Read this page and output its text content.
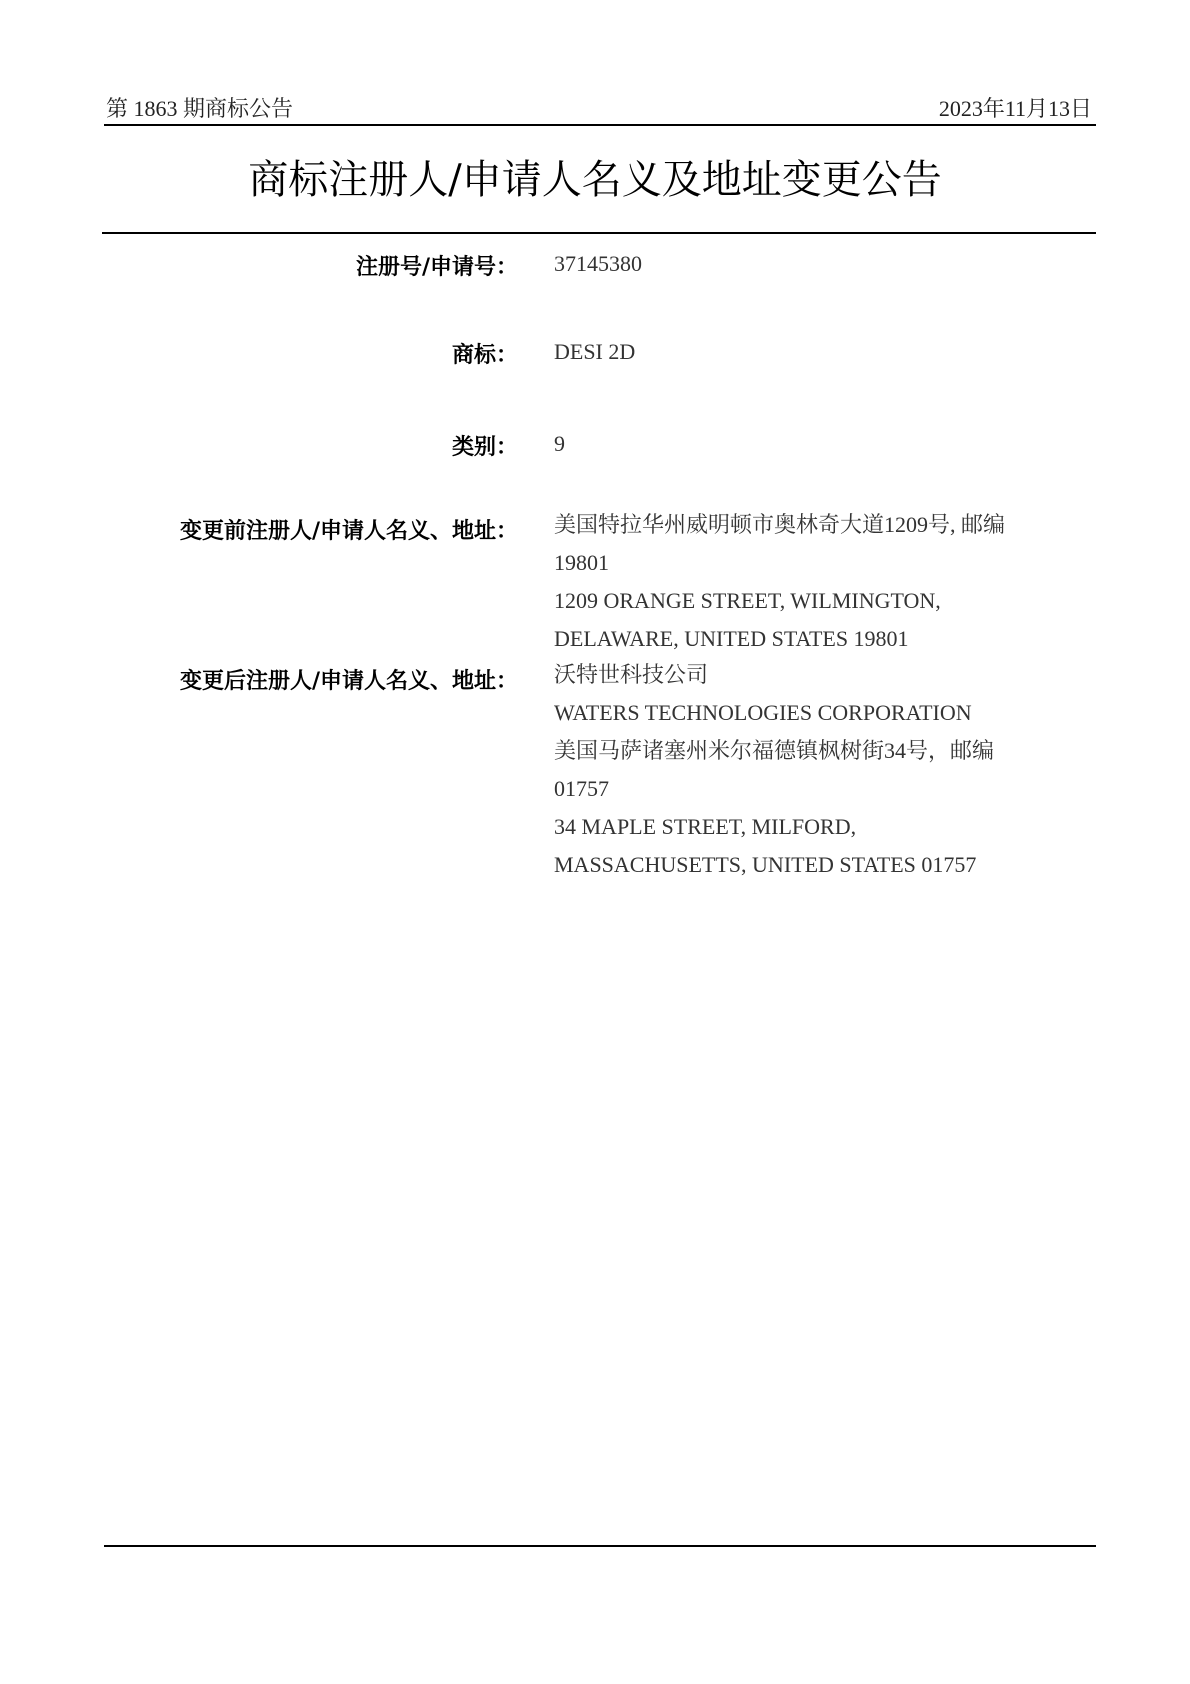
第 1863 期商标公告	2023年11月13日
商标注册人/申请人名义及地址变更公告
注册号/申请号： 37145380
商标： DESI 2D
类别： 9
变更前注册人/申请人名义、地址： 美国特拉华州威明顿市奥林奇大道1209号, 邮编
19801
1209 ORANGE STREET, WILMINGTON,
DELAWARE, UNITED STATES 19801
变更后注册人/申请人名义、地址： 沃特世科技公司
WATERS TECHNOLOGIES CORPORATION
美国马萨诸塞州米尔福德镇枫树街34号，邮编
01757
34 MAPLE STREET, MILFORD,
MASSACHUSETTS, UNITED STATES 01757
